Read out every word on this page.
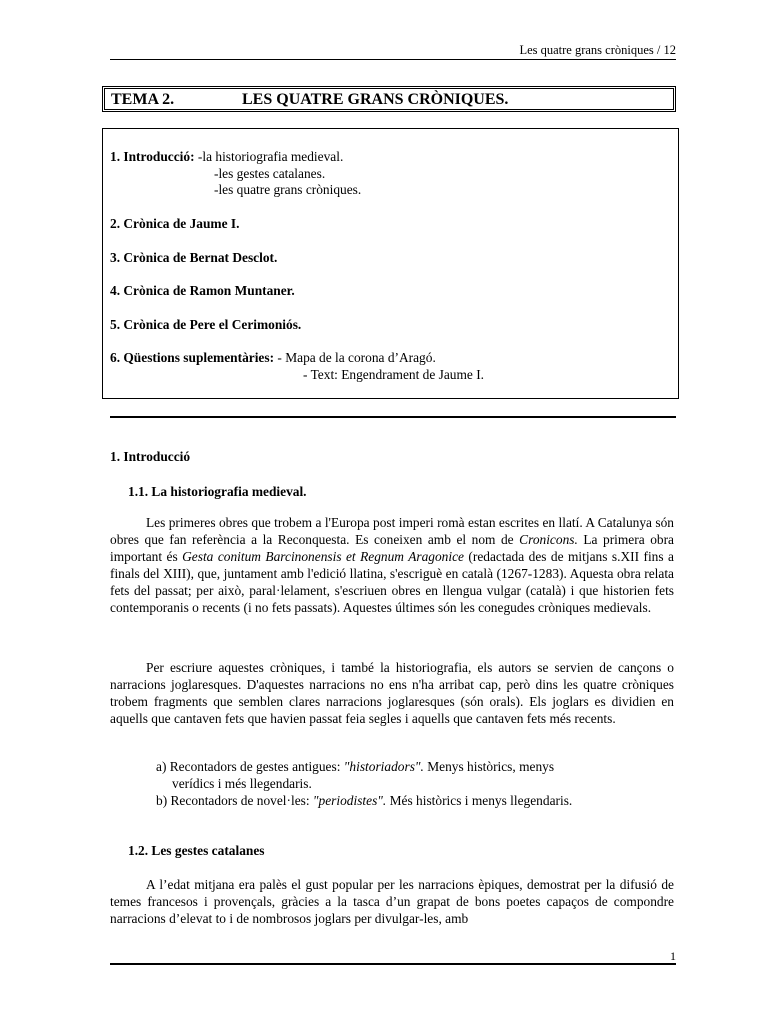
Les quatre grans cròniques / 12
TEMA 2.	LES QUATRE GRANS CRÒNIQUES.
1. Introducció: -la historiografia medieval.
-les gestes catalanes.
-les quatre grans cròniques.
2. Crònica de Jaume I.
3. Crònica de Bernat Desclot.
4. Crònica de Ramon Muntaner.
5. Crònica de Pere el Cerimoniós.
6. Qüestions suplementàries: - Mapa de la corona d’Aragó.
- Text: Engendrament de Jaume I.
1. Introducció
1.1. La historiografia medieval.
Les primeres obres que trobem a l'Europa post imperi romà estan escrites en llatí. A Catalunya són obres que fan referència a la Reconquesta. Es coneixen amb el nom de Cronicons. La primera obra important és Gesta conitum Barcinonensis et Regnum Aragonice (redactada des de mitjans s.XII fins a finals del XIII), que, juntament amb l'edició llatina, s'escriguè en català (1267-1283). Aquesta obra relata fets del passat; per això, paral·lelament, s'escriuen obres en llengua vulgar (català) i que historien fets contemporanis o recents (i no fets passats). Aquestes últimes són les conegudes cròniques medievals.
Per escriure aquestes cròniques, i també la historiografia, els autors se servien de cançons o narracions joglaresques. D'aquestes narracions no ens n'ha arribat cap, però dins les quatre cròniques trobem fragments que semblen clares narracions joglaresques (són orals). Els joglars es dividien en aquells que cantaven fets que havien passat feia segles i aquells que cantaven fets més recents.
a) Recontadors de gestes antigues: "historiadors". Menys històrics, menys
verídics i més llegendaris.
b) Recontadors de novel·les: "periodistes". Més històrics i menys llegendaris.
1.2. Les gestes catalanes
A l’edat mitjana era palès el gust popular per les narracions èpiques, demostrat per la difusió de temes francesos i provençals, gràcies a la tasca d’un grapat de bons poetes capaços de compondre narracions d’elevat to i de nombrosos joglars per divulgar-les, amb
1
